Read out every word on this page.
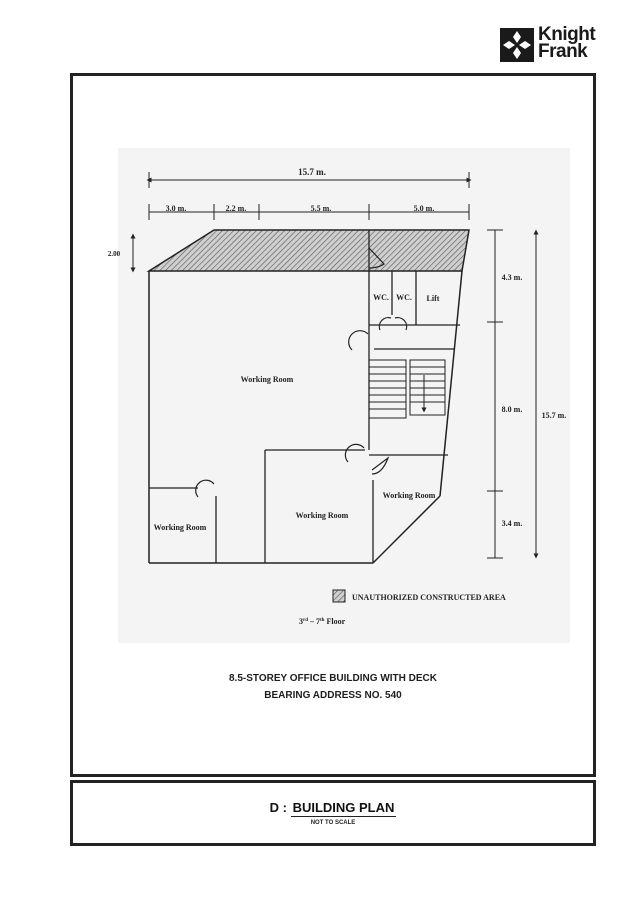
Knight
Frank
15.7 m.
3.0 m.	2.2 m.	5.5 m.	5.0 m.
2.00
4.3 m.
8.0 m.
3.4 m.
15.7 m.
WC. WC. Lift
Working Room
Working Room
Working Room
Working Room
UNAUTHORIZED CONSTRUCTED AREA
3rd – 7th Floor
8.5-STOREY OFFICE BUILDING WITH DECK
BEARING ADDRESS NO. 540
D : BUILDING PLAN
NOT TO SCALE
